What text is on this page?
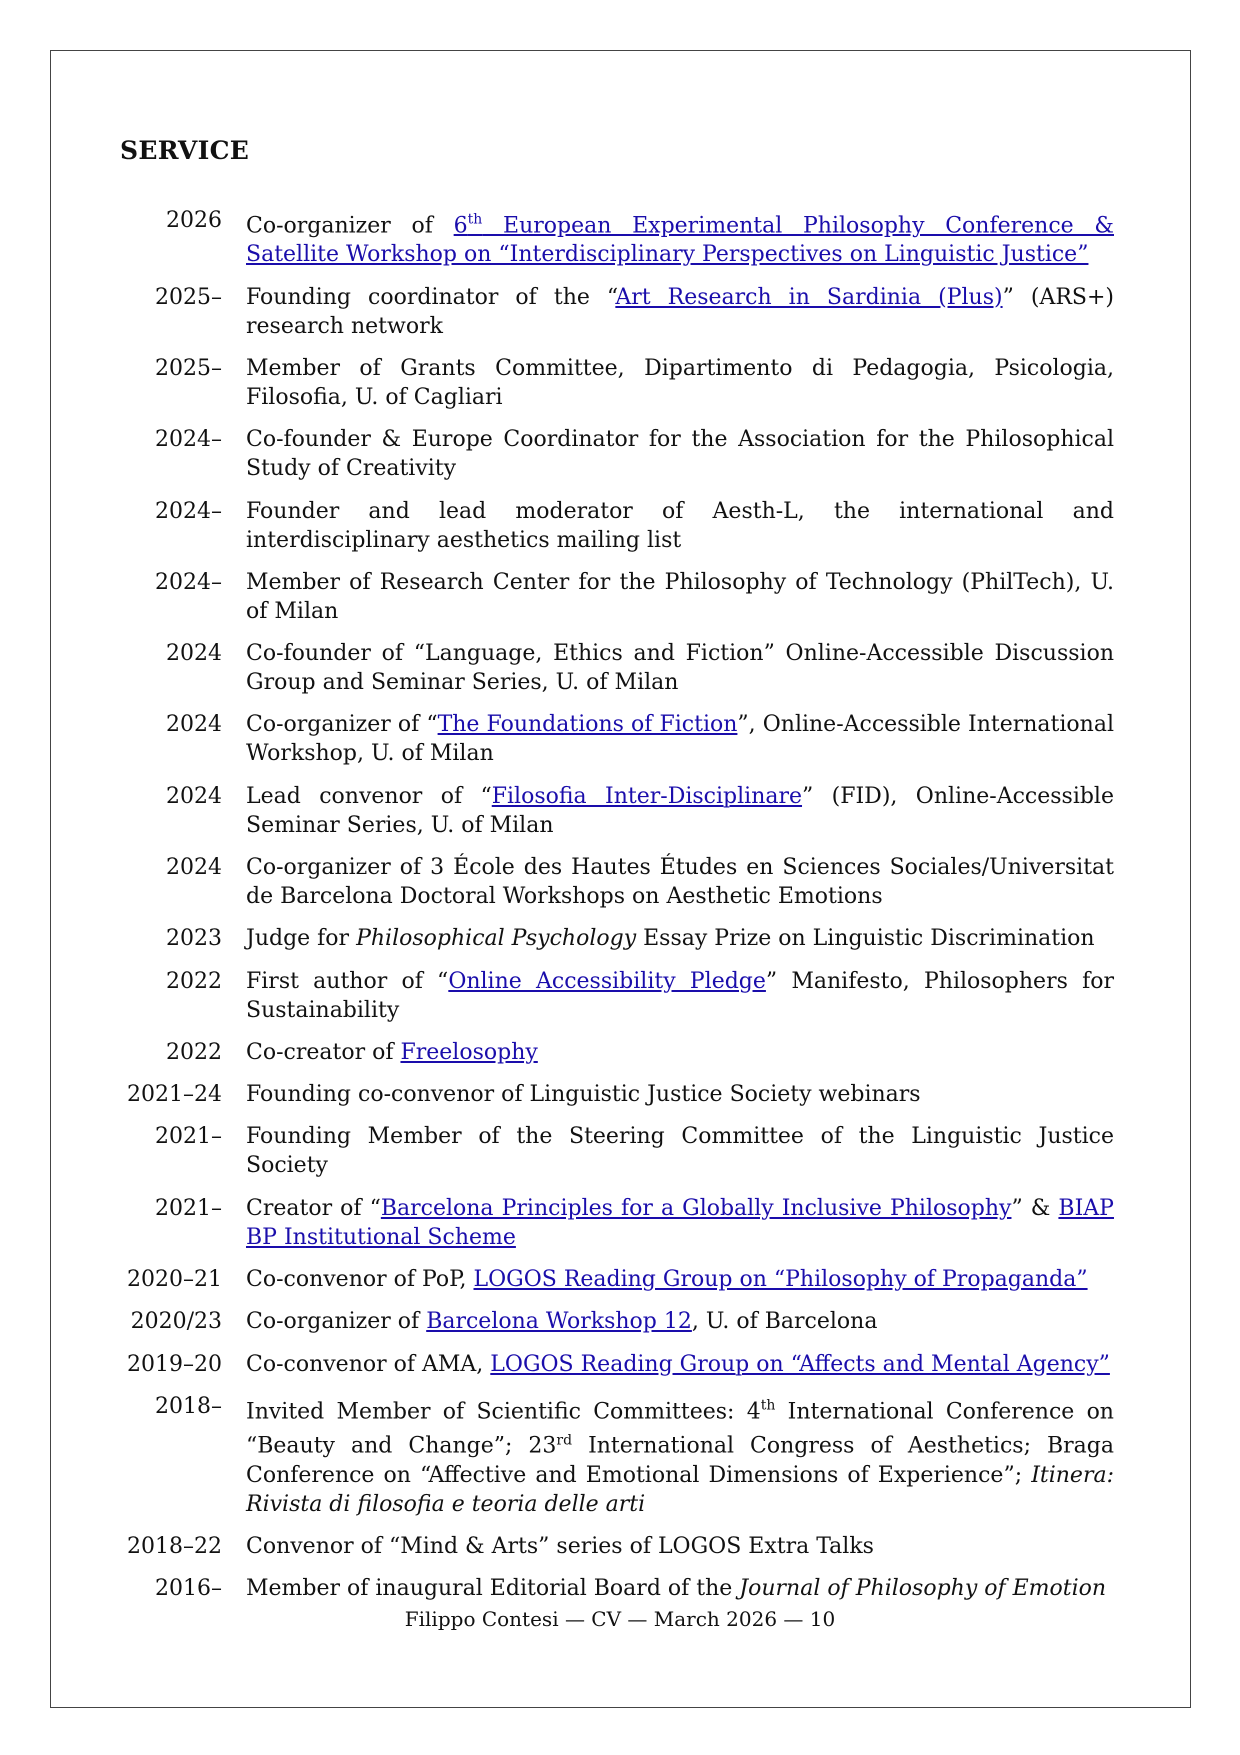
SERVICE
2026 Co-organizer of 6th European Experimental Philosophy Conference & Satellite Workshop on “Interdisciplinary Perspectives on Linguistic Justice”
2025– Founding coordinator of the “Art Research in Sardinia (Plus)” (ARS+) research network
2025– Member of Grants Committee, Dipartimento di Pedagogia, Psicologia, Filosofia, U. of Cagliari
2024– Co-founder & Europe Coordinator for the Association for the Philosophical Study of Creativity
2024– Founder and lead moderator of Aesth-L, the international and interdisciplinary aesthetics mailing list
2024– Member of Research Center for the Philosophy of Technology (PhilTech), U. of Milan
2024 Co-founder of “Language, Ethics and Fiction” Online-Accessible Discussion Group and Seminar Series, U. of Milan
2024 Co-organizer of “The Foundations of Fiction”, Online-Accessible International Workshop, U. of Milan
2024 Lead convenor of “Filosofia Inter-Disciplinare” (FID), Online-Accessible Seminar Series, U. of Milan
2024 Co-organizer of 3 École des Hautes Études en Sciences Sociales/Universitat de Barcelona Doctoral Workshops on Aesthetic Emotions
2023 Judge for Philosophical Psychology Essay Prize on Linguistic Discrimination
2022 First author of “Online Accessibility Pledge” Manifesto, Philosophers for Sustainability
2022 Co-creator of Freelosophy
2021–24 Founding co-convenor of Linguistic Justice Society webinars
2021– Founding Member of the Steering Committee of the Linguistic Justice Society
2021– Creator of “Barcelona Principles for a Globally Inclusive Philosophy” & BIAP BP Institutional Scheme
2020–21 Co-convenor of PoP, LOGOS Reading Group on “Philosophy of Propaganda”
2020/23 Co-organizer of Barcelona Workshop 12, U. of Barcelona
2019–20 Co-convenor of AMA, LOGOS Reading Group on “Affects and Mental Agency”
2018– Invited Member of Scientific Committees: 4th International Conference on “Beauty and Change”; 23rd International Congress of Aesthetics; Braga Conference on “Affective and Emotional Dimensions of Experience”; Itinera: Rivista di filosofia e teoria delle arti
2018–22 Convenor of “Mind & Arts” series of LOGOS Extra Talks
2016– Member of inaugural Editorial Board of the Journal of Philosophy of Emotion
Filippo Contesi — CV — March 2026 — 10
